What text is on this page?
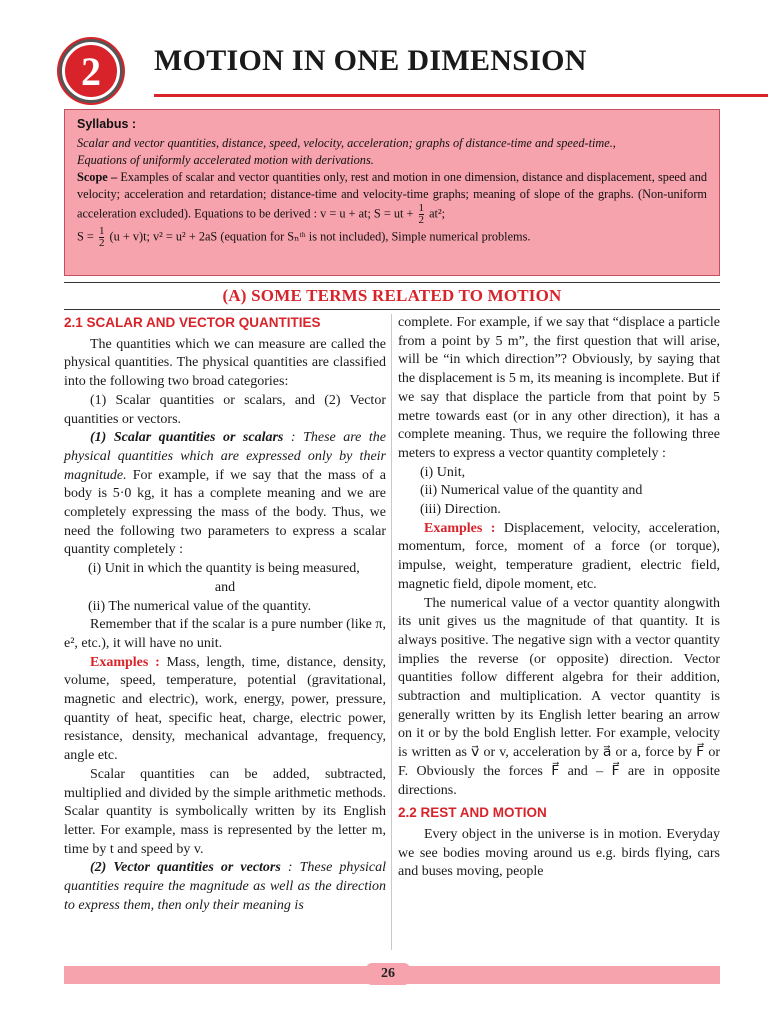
2	MOTION IN ONE DIMENSION
Syllabus :
Scalar and vector quantities, distance, speed, velocity, acceleration; graphs of distance-time and speed-time.,
Equations of uniformly accelerated motion with derivations.
Scope – Examples of scalar and vector quantities only, rest and motion in one dimension, distance and displacement, speed and velocity; acceleration and retardation; distance-time and velocity-time graphs; meaning of slope of the graphs. (Non-uniform acceleration excluded). Equations to be derived : v = u + at; S = ut + $\frac{1}{2} at^2$;
$S = \frac{1}{2} (u + v)t$; v² = u² + 2aS (equation for Sₙᵗʰ is not included), Simple numerical problems.
(A) SOME TERMS RELATED TO MOTION
2.1 SCALAR AND VECTOR QUANTITIES

The quantities which we can measure are called the physical quantities. The physical quantities are classified into the following two broad categories:

(1) Scalar quantities or scalars, and (2) Vector quantities or vectors.

(1) Scalar quantities or scalars : These are the physical quantities which are expressed only by their magnitude. For example, if we say that the mass of a body is 5·0 kg, it has a complete meaning and we are completely expressing the mass of the body. Thus, we need the following two parameters to express a scalar quantity completely :

(i) Unit in which the quantity is being measured,

and

(ii) The numerical value of the quantity.

Remember that if the scalar is a pure number (like π, e², etc.), it will have no unit.

Examples : Mass, length, time, distance, density, volume, speed, temperature, potential (gravitational, magnetic and electric), work, energy, power, pressure, quantity of heat, specific heat, charge, electric power, resistance, density, mechanical advantage, frequency, angle etc.

Scalar quantities can be added, subtracted, multiplied and divided by the simple arithmetic methods. Scalar quantity is symbolically written by its English letter. For example, mass is represented by the letter m, time by t and speed by v.

(2) Vector quantities or vectors : These physical quantities require the magnitude as well as the direction to express them, then only their meaning is

complete. For example, if we say that “displace a particle from a point by 5 m”, the first question that will arise, will be “in which direction”? Obviously, by saying that the displacement is 5 m, its meaning is incomplete. But if we say that displace the particle from that point by 5 metre towards east (or in any other direction), it has a complete meaning. Thus, we require the following three meters to express a vector quantity completely :

(i) Unit,

(ii) Numerical value of the quantity and

(iii) Direction.

Examples : Displacement, velocity, acceleration, momentum, force, moment of a force (or torque), impulse, weight, temperature gradient, electric field, magnetic field, dipole moment, etc.

The numerical value of a vector quantity alongwith its unit gives us the magnitude of that quantity. It is always positive. The negative sign with a vector quantity implies the reverse (or opposite) direction. Vector quantities follow different algebra for their addition, subtraction and multiplication. A vector quantity is generally written by its English letter bearing an arrow on it or by the bold English letter. For example, velocity is written as v⃗ or v, acceleration by a⃗ or a, force by F⃗ or F. Obviously the forces F⃗ and – F⃗ are in opposite directions.

2.2 REST AND MOTION

Every object in the universe is in motion. Everyday we see bodies moving around us e.g. birds flying, cars and buses moving, people

26
